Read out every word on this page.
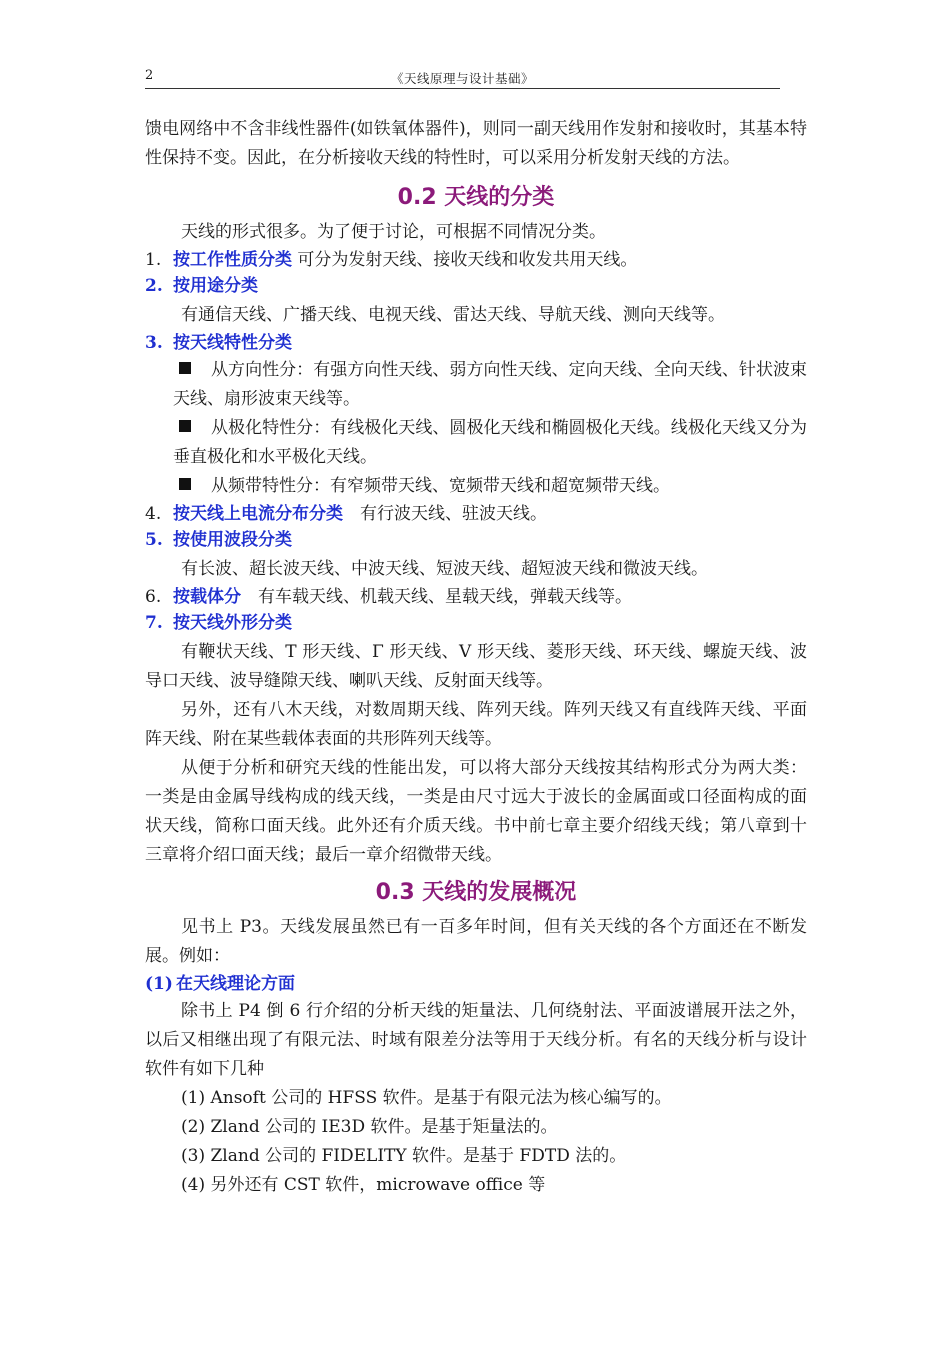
2	《天线原理与设计基础》

馈电网络中不含非线性器件(如铁氧体器件)，则同一副天线用作发射和接收时，其基本特性保持不变。因此，在分析接收天线的特性时，可以采用分析发射天线的方法。

0.2 天线的分类

天线的形式很多。为了便于讨论，可根据不同情况分类。

1. 按工作性质分类 可分为发射天线、接收天线和收发共用天线。

2. 按用途分类

有通信天线、广播天线、电视天线、雷达天线、导航天线、测向天线等。

3. 按天线特性分类

从方向性分：有强方向性天线、弱方向性天线、定向天线、全向天线、针状波束天线、扇形波束天线等。

从极化特性分：有线极化天线、圆极化天线和椭圆极化天线。线极化天线又分为垂直极化和水平极化天线。

从频带特性分：有窄频带天线、宽频带天线和超宽频带天线。

4. 按天线上电流分布分类　有行波天线、驻波天线。

5. 按使用波段分类

有长波、超长波天线、中波天线、短波天线、超短波天线和微波天线。

6. 按载体分　有车载天线、机载天线、星载天线，弹载天线等。

7. 按天线外形分类

有鞭状天线、T 形天线、Γ 形天线、V 形天线、菱形天线、环天线、螺旋天线、波导口天线、波导缝隙天线、喇叭天线、反射面天线等。

另外，还有八木天线，对数周期天线、阵列天线。阵列天线又有直线阵天线、平面阵天线、附在某些载体表面的共形阵列天线等。

从便于分析和研究天线的性能出发，可以将大部分天线按其结构形式分为两大类：一类是由金属导线构成的线天线，一类是由尺寸远大于波长的金属面或口径面构成的面状天线，简称口面天线。此外还有介质天线。书中前七章主要介绍线天线；第八章到十三章将介绍口面天线；最后一章介绍微带天线。

0.3 天线的发展概况

见书上 P3。天线发展虽然已有一百多年时间，但有关天线的各个方面还在不断发展。例如：

(1) 在天线理论方面

除书上 P4 倒 6 行介绍的分析天线的矩量法、几何绕射法、平面波谱展开法之外，以后又相继出现了有限元法、时域有限差分法等用于天线分析。有名的天线分析与设计软件有如下几种

(1) Ansoft 公司的 HFSS 软件。是基于有限元法为核心编写的。

(2) Zland 公司的 IE3D 软件。是基于矩量法的。

(3) Zland 公司的 FIDELITY 软件。是基于 FDTD 法的。

(4) 另外还有 CST 软件，microwave office 等
